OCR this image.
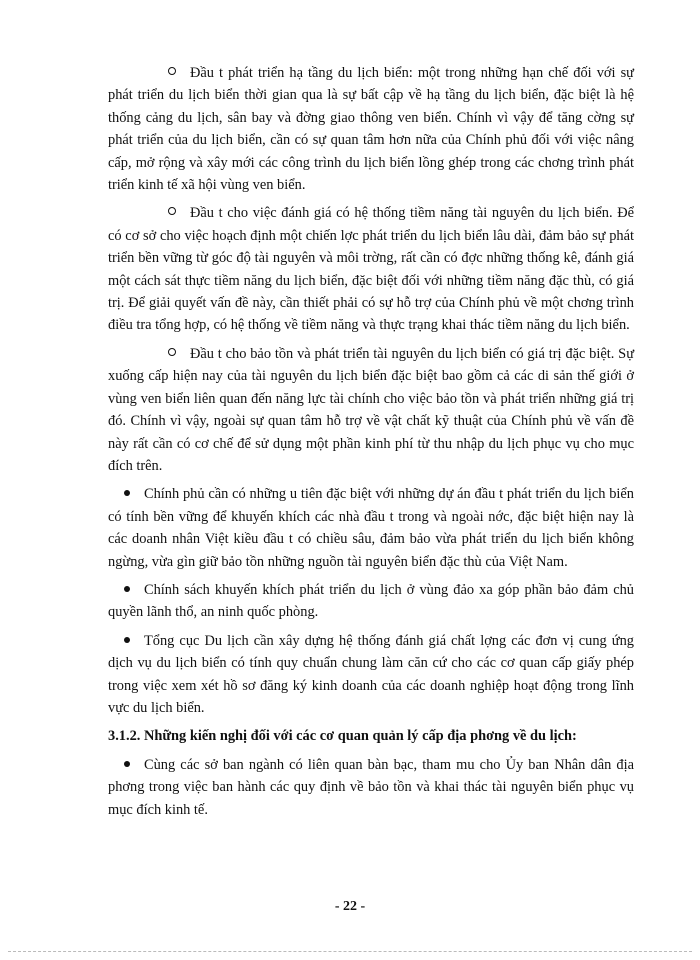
Đầu t phát triển hạ tầng du lịch biển: một trong những hạn chế đối với sự phát triển du lịch biển thời gian qua là sự bất cập về hạ tầng du lịch biển, đặc biệt là hệ thống cảng du lịch, sân bay và đờng giao thông ven biển. Chính vì vậy để tăng cờng sự phát triển của du lịch biển, cần có sự quan tâm hơn nữa của Chính phủ đối với việc nâng cấp, mở rộng và xây mới các công trình du lịch biển lồng ghép trong các chơng trình phát triển kinh tế xã hội vùng ven biển.

Đầu t cho việc đánh giá có hệ thống tiềm năng tài nguyên du lịch biển. Để có cơ sở cho việc hoạch định một chiến lợc phát triển du lịch biển lâu dài, đảm bảo sự phát triển bền vững từ góc độ tài nguyên và môi trờng, rất cần có đợc những thống kê, đánh giá một cách sát thực tiềm năng du lịch biển, đặc biệt đối với những tiềm năng đặc thù, có giá trị. Để giải quyết vấn đề này, cần thiết phải có sự hỗ trợ của Chính phủ về một chơng trình điều tra tổng hợp, có hệ thống về tiềm năng và thực trạng khai thác tiềm năng du lịch biển.

Đầu t cho bảo tồn và phát triển tài nguyên du lịch biển có giá trị đặc biệt. Sự xuống cấp hiện nay của tài nguyên du lịch biển đặc biệt bao gồm cả các di sản thế giới ở vùng ven biển liên quan đến năng lực tài chính cho việc bảo tồn và phát triển những giá trị đó. Chính vì vậy, ngoài sự quan tâm hỗ trợ về vật chất kỹ thuật của Chính phủ về vấn đề này rất cần có cơ chế để sử dụng một phần kinh phí từ thu nhập du lịch phục vụ cho mục đích trên.

Chính phủ cần có những u tiên đặc biệt với những dự án đầu t phát triển du lịch biển có tính bền vững để khuyến khích các nhà đầu t trong và ngoài nớc, đặc biệt hiện nay là các doanh nhân Việt kiều đầu t có chiều sâu, đảm bảo vừa phát triển du lịch biển không ngừng, vừa gìn giữ bảo tồn những nguồn tài nguyên biển đặc thù của Việt Nam.

Chính sách khuyến khích phát triển du lịch ở vùng đảo xa góp phần bảo đảm chủ quyền lãnh thổ, an ninh quốc phòng.

Tổng cục Du lịch cần xây dựng hệ thống đánh giá chất lợng các đơn vị cung ứng dịch vụ du lịch biển có tính quy chuẩn chung làm căn cứ cho các cơ quan cấp giấy phép trong việc xem xét hồ sơ đăng ký kinh doanh của các doanh nghiệp hoạt động trong lĩnh vực du lịch biển.

3.1.2. Những kiến nghị đối với các cơ quan quản lý cấp địa phơng về du lịch:

Cùng các sở ban ngành có liên quan bàn bạc, tham mu cho Ủy ban Nhân dân địa phơng trong việc ban hành các quy định về bảo tồn và khai thác tài nguyên biển phục vụ mục đích kinh tế.

- 22 -
